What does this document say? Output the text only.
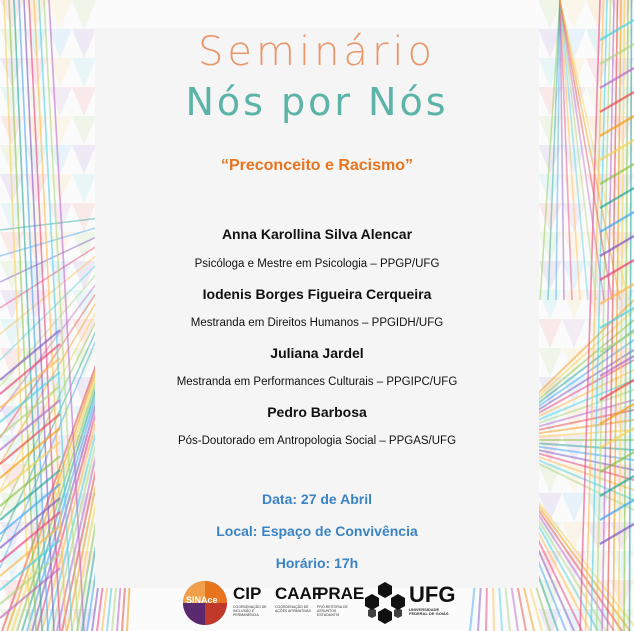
Seminário
Nós por Nós
“Preconceito e Racismo”
Anna Karollina Silva Alencar
Psicóloga e Mestre em Psicologia – PPGP/UFG
Iodenis Borges Figueira Cerqueira
Mestranda em Direitos Humanos – PPGIDH/UFG
Juliana Jardel
Mestranda em Performances Culturais – PPGIPC/UFG
Pedro Barbosa
Pós-Doutorado em Antropologia Social – PPGAS/UFG
Data: 27 de Abril
Local: Espaço de Convivência
Horário: 17h
SINAce CIP
COORDENAÇÃO DE INCLUSÃO E PERMANÊNCIA
CAAF
COORDENAÇÃO DE AÇÕES AFIRMATIVAS
PRAE
PRÓ-REITORIA DE ASSUNTOS ESTUDANTIS
UFG
UNIVERSIDADE FEDERAL DE GOIÁS
